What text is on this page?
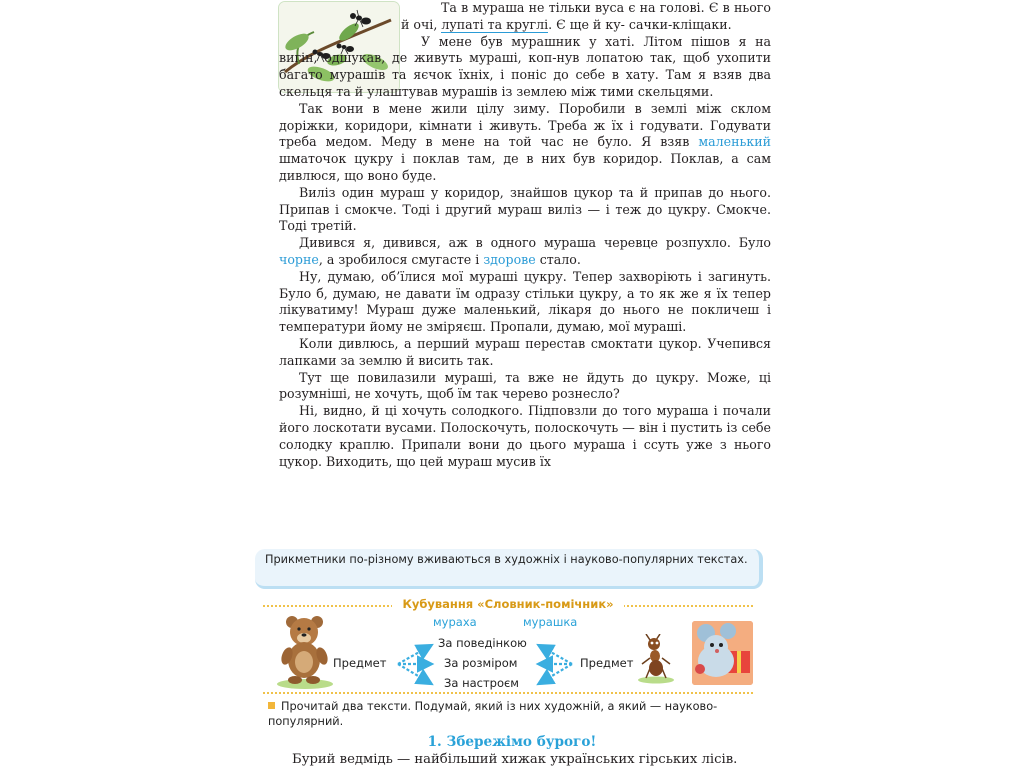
Та в мураша не тільки вуса є на голові. Є в нього й очі, лупаті та круглі. Є ще й ку- сачки-кліщаки.

У мене був мурашник у хаті. Літом пішов я на вигін, одшукав, де живуть мурашi, коп-нув лопатою так, щоб ухопити багато мурашів та яєчок їхніх, і поніс до себе в хату. Там я взяв два скельця та й улаштував мурашів із землею між тими скельцями.

Так вони в мене жили цілу зиму. Поробили в землі між склом доріжки, коридори, кімнати і живуть. Треба ж їх і годувати. Годувати треба медом. Меду в мене на той час не було. Я взяв маленький шматочок цукру і поклав там, де в них був коридор. Поклав, а сам дивлюся, що воно буде.

Виліз один мураш у коридор, знайшов цукор та й припав до нього. Припав і смокче. Тоді і другий мураш виліз — і теж до цукру. Смокче. Тоді третій.

Дивився я, дивився, аж в одного мураша черевце розпухло. Було чорне, а зробилося смугасте і здорове стало.

Ну, думаю, об’їлися мої мурашi цукру. Тепер захворіють і загинуть. Було б, думаю, не давати їм одразу стільки цукру, а то як же я їх тепер лікуватиму! Мураш дуже маленький, лікаря до нього не покличеш і температури йому не зміряєш. Пропали, думаю, мої мурашi.

Коли дивлюсь, а перший мураш перестав смоктати цукор. Учепився лапками за землю й висить так.

Тут ще повилазили мурашi, та вже не йдуть до цукру. Може, ці розумніші, не хочуть, щоб їм так черево рознесло?

Ні, видно, й ці хочуть солодкого. Підповзли до того мураша і почали його лоскотати вусами. Полоскочуть, полоскочуть — він і пустить із себе солодку краплю. Припали вони до цього мураша і ссуть уже з нього цукор. Виходить, що цей мураш мусив їх

Прикметники по-різному вживаються в художніх і науково-популярних текстах.
Кубування «Словник-помічник»
мураха	мурашка
Предмет
За поведінкою
За розміром
За настроєм
Предмет
Прочитай два тексти. Подумай, який із них художній, а який — науково-популярний.
1. Збережімо бурого!
Бурий ведмідь — найбільший хижак українських гірських лісів.
